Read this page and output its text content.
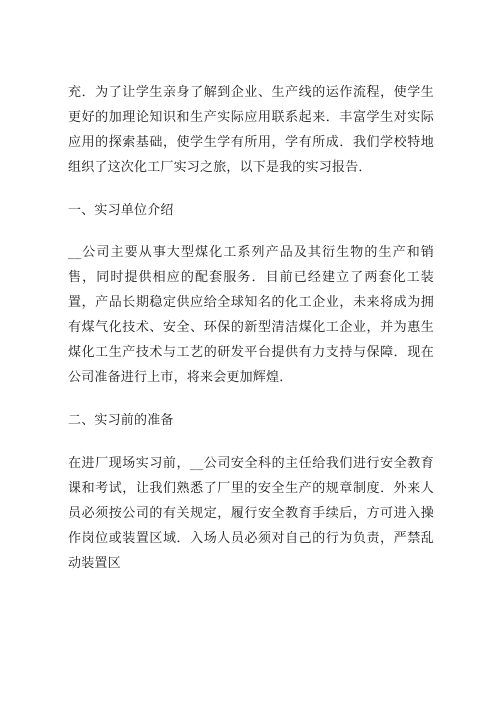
充．为了让学生亲身了解到企业、生产线的运作流程，使学生更好的加理论知识和生产实际应用联系起来．丰富学生对实际应用的探索基础，使学生学有所用，学有所成．我们学校特地组织了这次化工厂实习之旅，以下是我的实习报告．

一、实习单位介绍

__公司主要从事大型煤化工系列产品及其衍生物的生产和销售，同时提供相应的配套服务．目前已经建立了两套化工装置，产品长期稳定供应给全球知名的化工企业，未来将成为拥有煤气化技术、安全、环保的新型清洁煤化工企业，并为惠生煤化工生产技术与工艺的研发平台提供有力支持与保障．现在公司准备进行上市，将来会更加辉煌．

二、实习前的准备

在进厂现场实习前，__公司安全科的主任给我们进行安全教育课和考试，让我们熟悉了厂里的安全生产的规章制度．外来人员必须按公司的有关规定，履行安全教育手续后，方可进入操作岗位或装置区域．入场人员必须对自己的行为负责，严禁乱动装置区
